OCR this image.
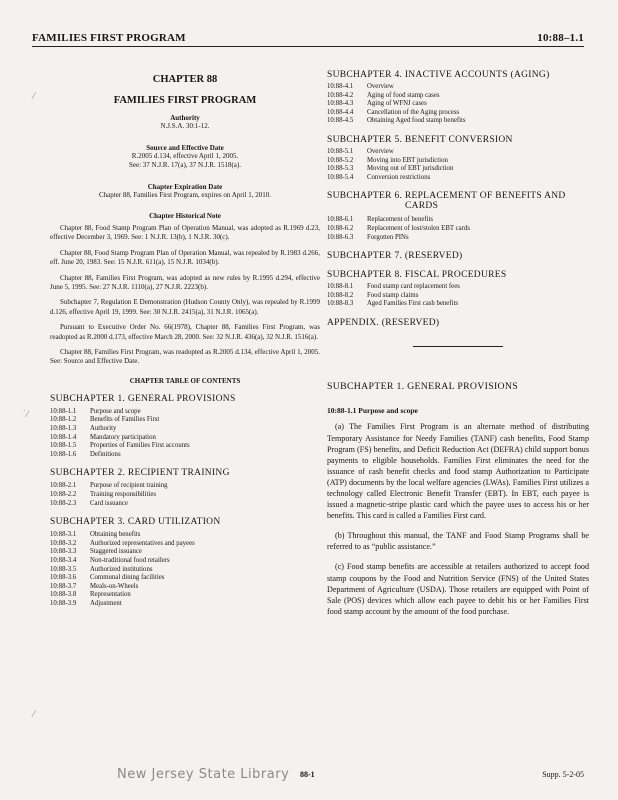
FAMILIES FIRST PROGRAM	10:88–1.1
⁄
˙⁄
⁄
CHAPTER 88
FAMILIES FIRST PROGRAM
Authority
N.J.S.A. 30:1-12.
Source and Effective Date
R.2005 d.134, effective April 1, 2005.
See: 37 N.J.R. 17(a), 37 N.J.R. 1518(a).
Chapter Expiration Date
Chapter 88, Families First Program, expires on April 1, 2010.
Chapter Historical Note

Chapter 88, Food Stamp Program Plan of Operation Manual, was adopted as R.1969 d.23, effective December 3, 1969. See: 1 N.J.R. 13(b), 1 N.J.R. 30(c).

Chapter 88, Food Stamp Program Plan of Operation Manual, was repealed by R.1983 d.266, eff. June 20, 1983. See: 15 N.J.R. 611(a), 15 N.J.R. 1034(b).

Chapter 88, Families First Program, was adopted as new rules by R.1995 d.294, effective June 5, 1995. See: 27 N.J.R. 1110(a), 27 N.J.R. 2223(b).

Subchapter 7, Regulation E Demonstration (Hudson County Only), was repealed by R.1999 d.126, effective April 19, 1999. See: 30 N.J.R. 2415(a), 31 N.J.R. 1065(a).

Pursuant to Executive Order No. 66(1978), Chapter 88, Families First Program, was readopted as R.2000 d.173, effective March 28, 2000. See: 32 N.J.R. 436(a), 32 N.J.R. 1516(a).

Chapter 88, Families First Program, was readopted as R.2005 d.134, effective April 1, 2005. See: Source and Effective Date.

CHAPTER TABLE OF CONTENTS
SUBCHAPTER 1. GENERAL PROVISIONS
10:88-1.1	Purpose and scope
10:88-1.2	Benefits of Families First
10:88-1.3	Authority
10:88-1.4	Mandatory participation
10:88-1.5	Properties of Families First accounts
10:88-1.6	Definitions
SUBCHAPTER 2. RECIPIENT TRAINING
10:88-2.1	Purpose of recipient training
10:88-2.2	Training responsibilities
10:88-2.3	Card issuance
SUBCHAPTER 3. CARD UTILIZATION
10:88-3.1	Obtaining benefits
10:88-3.2	Authorized representatives and payees
10:88-3.3	Staggered issuance
10:88-3.4	Non-traditional food retailers
10:88-3.5	Authorized institutions
10:88-3.6	Communal dining facilities
10:88-3.7	Meals-on-Wheels
10:88-3.8	Representation
10:88-3.9	Adjustment
SUBCHAPTER 4. INACTIVE ACCOUNTS (AGING)
10:88-4.1	Overview
10:88-4.2	Aging of food stamp cases
10:88-4.3	Aging of WFNJ cases
10:88-4.4	Cancellation of the Aging process
10:88-4.5	Obtaining Aged food stamp benefits
SUBCHAPTER 5. BENEFIT CONVERSION
10:88-5.1	Overview
10:88-5.2	Moving into EBT jurisdiction
10:88-5.3	Moving out of EBT jurisdiction
10:88-5.4	Conversion restrictions
SUBCHAPTER 6. REPLACEMENT OF BENEFITS AND CARDS
10:88-6.1	Replacement of benefits
10:88-6.2	Replacement of lost/stolen EBT cards
10:88-6.3	Forgotten PINs
SUBCHAPTER 7. (RESERVED)
SUBCHAPTER 8. FISCAL PROCEDURES
10:88-8.1	Food stamp card replacement fees
10:88-8.2	Food stamp claims
10:88-8.3	Aged Families First cash benefits
APPENDIX. (RESERVED)
SUBCHAPTER 1. GENERAL PROVISIONS
10:88-1.1 Purpose and scope

(a) The Families First Program is an alternate method of distributing Temporary Assistance for Needy Families (TANF) cash benefits, Food Stamp Program (FS) benefits, and Deficit Reduction Act (DEFRA) child support bonus payments to eligible households. Families First eliminates the need for the issuance of cash benefit checks and food stamp Authorization to Participate (ATP) documents by the local welfare agencies (LWAs). Families First utilizes a technology called Electronic Benefit Transfer (EBT). In EBT, each payee is issued a magnetic-stripe plastic card which the payee uses to access his or her benefits. This card is called a Families First card.

(b) Throughout this manual, the TANF and Food Stamp Programs shall be referred to as “public assistance.”

(c) Food stamp benefits are accessible at retailers authorized to accept food stamp coupons by the Food and Nutrition Service (FNS) of the United States Department of Agriculture (USDA). Those retailers are equipped with Point of Sale (POS) devices which allow each payee to debit his or her Families First food stamp account by the amount of the food purchase.

New Jersey State Library 88-1	Supp. 5-2-05
